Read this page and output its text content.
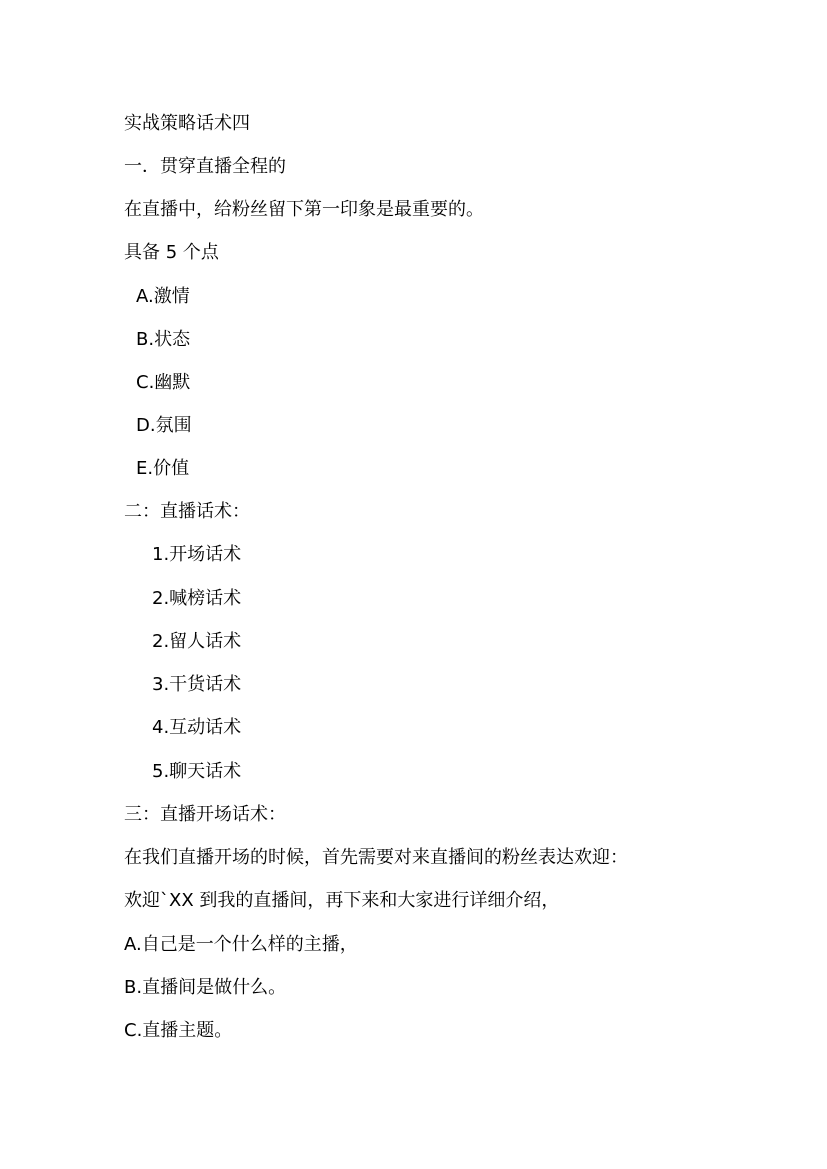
实战策略话术四
一．贯穿直播全程的
在直播中，给粉丝留下第一印象是最重要的。
具备 5 个点
A.激情
B.状态
C.幽默
D.氛围
E.价值
二：直播话术：
1.开场话术
2.喊榜话术
2.留人话术
3.干货话术
4.互动话术
5.聊天话术
三：直播开场话术：
在我们直播开场的时候，首先需要对来直播间的粉丝表达欢迎：
欢迎`XX 到我的直播间，再下来和大家进行详细介绍，
A.自己是一个什么样的主播，
B.直播间是做什么。
C.直播主题。
